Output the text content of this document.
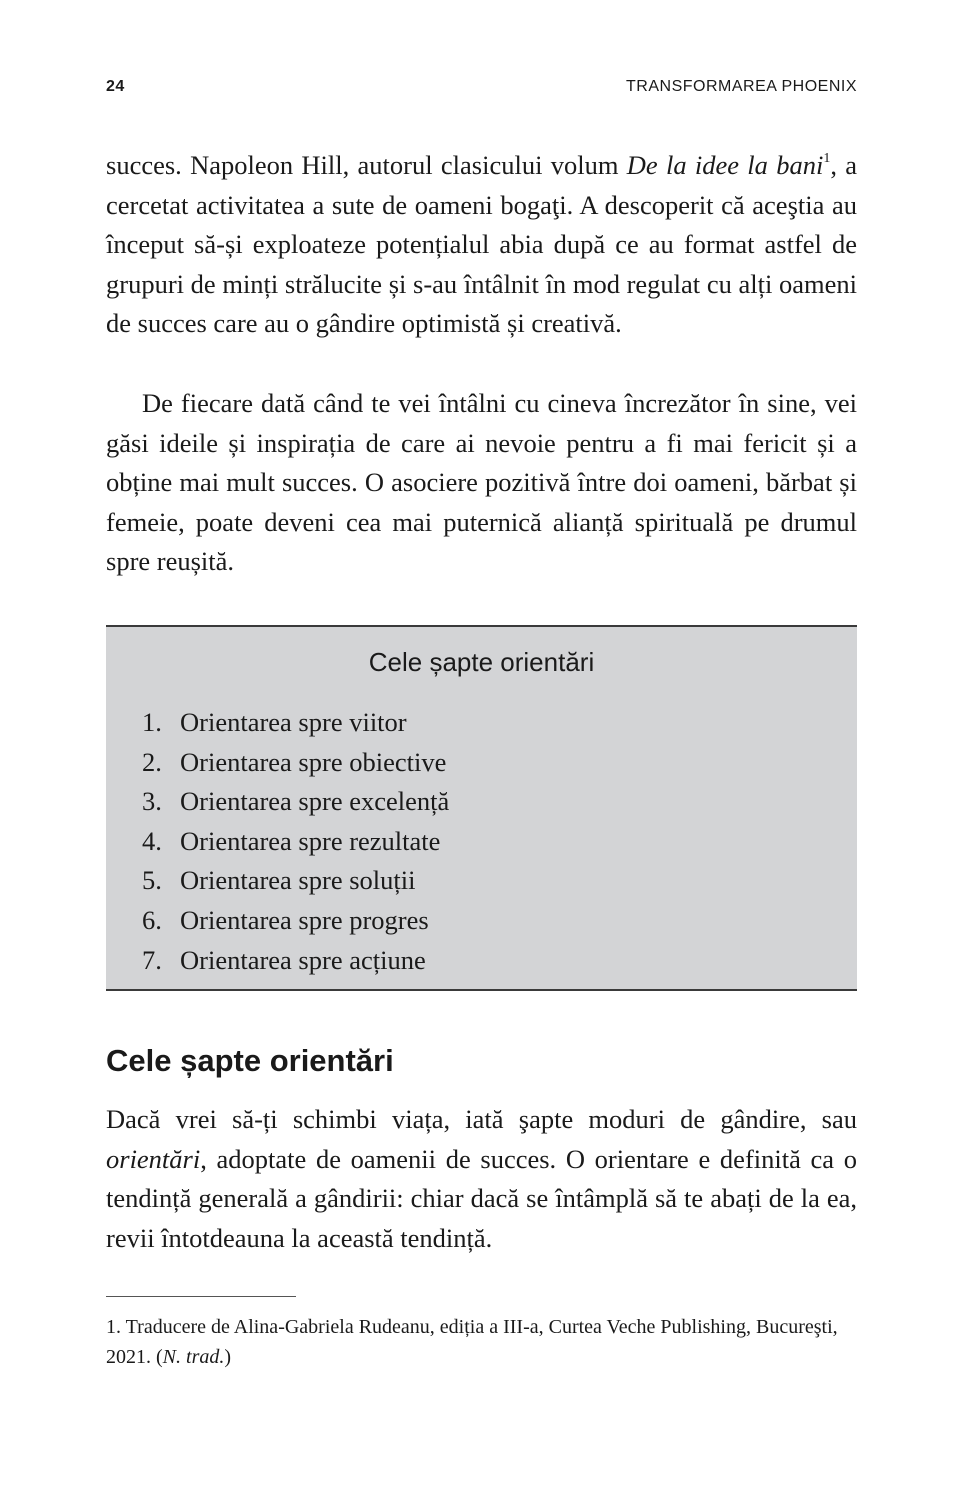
24	TRANSFORMAREA PHOENIX

succes. Napoleon Hill, autorul clasicului volum De la idee la bani$^1$, a cercetat activitatea a sute de oameni bogaţi. A descoperit că aceştia au început să-și exploateze potențialul abia după ce au format astfel de grupuri de minți strălucite și s-au întâlnit în mod regulat cu alți oameni de succes care au o gândire optimistă și creativă.

De fiecare dată când te vei întâlni cu cineva încrezător în sine, vei găsi ideile și inspirația de care ai nevoie pentru a fi mai fericit și a obține mai mult succes. O asociere pozitivă între doi oameni, bărbat și femeie, poate deveni cea mai puternică alianță spirituală pe drumul spre reușită.

Cele șapte orientări
1. Orientarea spre viitor
2. Orientarea spre obiective
3. Orientarea spre excelență
4. Orientarea spre rezultate
5. Orientarea spre soluții
6. Orientarea spre progres
7. Orientarea spre acțiune
Cele șapte orientări

Dacă vrei să-ți schimbi viața, iată şapte moduri de gândire, sau orientări, adoptate de oamenii de succes. O orientare e definită ca o tendință generală a gândirii: chiar dacă se întâmplă să te abați de la ea, revii întotdeauna la această tendință.

1. Traducere de Alina-Gabriela Rudeanu, ediția a III-a, Curtea Veche Publishing, Bucureşti, 2021. (N. trad.)
